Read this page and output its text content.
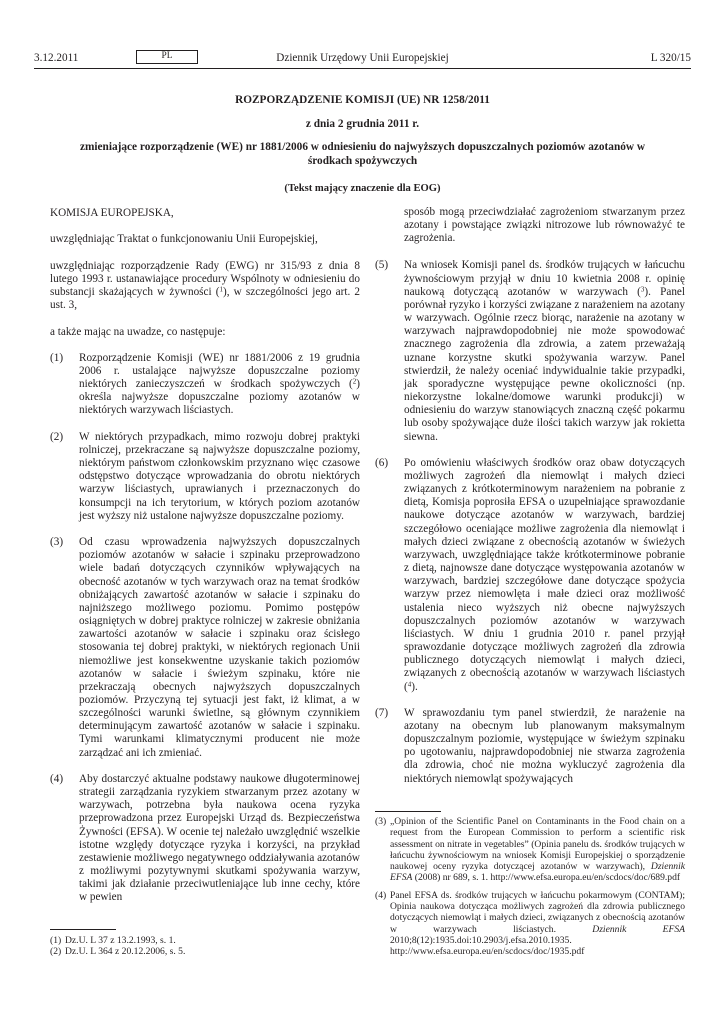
3.12.2011	PL	Dziennik Urzędowy Unii Europejskiej	L 320/15
ROZPORZĄDZENIE KOMISJI (UE) NR 1258/2011
z dnia 2 grudnia 2011 r.
zmieniające rozporządzenie (WE) nr 1881/2006 w odniesieniu do najwyższych dopuszczalnych poziomów azotanów w środkach spożywczych
(Tekst mający znaczenie dla EOG)

KOMISJA EUROPEJSKA,

uwzględniając Traktat o funkcjonowaniu Unii Europejskiej,

uwzględniając rozporządzenie Rady (EWG) nr 315/93 z dnia 8 lutego 1993 r. ustanawiające procedury Wspólnoty w odniesieniu do substancji skażających w żywności ($^1$), w szczególności jego art. 2 ust. 3,

a także mając na uwadze, co następuje:

(1) Rozporządzenie Komisji (WE) nr 1881/2006 z 19 grudnia 2006 r. ustalające najwyższe dopuszczalne poziomy niektórych zanieczyszczeń w środkach spożywczych ($^2$) określa najwyższe dopuszczalne poziomy azotanów w niektórych warzywach liściastych.
(2) W niektórych przypadkach, mimo rozwoju dobrej praktyki rolniczej, przekraczane są najwyższe dopuszczalne poziomy, niektórym państwom członkowskim przyznano więc czasowe odstępstwo dotyczące wprowadzania do obrotu niektórych warzyw liściastych, uprawianych i przeznaczonych do konsumpcji na ich terytorium, w których poziom azotanów jest wyższy niż ustalone najwyższe dopuszczalne poziomy.
(3) Od czasu wprowadzenia najwyższych dopuszczalnych poziomów azotanów w sałacie i szpinaku przeprowadzono wiele badań dotyczących czynników wpływających na obecność azotanów w tych warzywach oraz na temat środków obniżających zawartość azotanów w sałacie i szpinaku do najniższego możliwego poziomu. Pomimo postępów osiągniętych w dobrej praktyce rolniczej w zakresie obniżania zawartości azotanów w sałacie i szpinaku oraz ścisłego stosowania tej dobrej praktyki, w niektórych regionach Unii niemożliwe jest konsekwentne uzyskanie takich poziomów azotanów w sałacie i świeżym szpinaku, które nie przekraczają obecnych najwyższych dopuszczalnych poziomów. Przyczyną tej sytuacji jest fakt, iż klimat, a w szczególności warunki świetlne, są głównym czynnikiem determinującym zawartość azotanów w sałacie i szpinaku. Tymi warunkami klimatycznymi producent nie może zarządzać ani ich zmieniać.
(4) Aby dostarczyć aktualne podstawy naukowe długoterminowej strategii zarządzania ryzykiem stwarzanym przez azotany w warzywach, potrzebna była naukowa ocena ryzyka przeprowadzona przez Europejski Urząd ds. Bezpieczeństwa Żywności (EFSA). W ocenie tej należało uwzględnić wszelkie istotne względy dotyczące ryzyka i korzyści, na przykład zestawienie możliwego negatywnego oddziaływania azotanów z możliwymi pozytywnymi skutkami spożywania warzyw, takimi jak działanie przeciwutleniające lub inne cechy, które w pewien
(1) Dz.U. L 37 z 13.2.1993, s. 1.
(2) Dz.U. L 364 z 20.12.2006, s. 5.
sposób mogą przeciwdziałać zagrożeniom stwarzanym przez azotany i powstające związki nitrozowe lub równoważyć te zagrożenia.
(5) Na wniosek Komisji panel ds. środków trujących w łańcuchu żywnościowym przyjął w dniu 10 kwietnia 2008 r. opinię naukową dotyczącą azotanów w warzywach ($^3$). Panel porównał ryzyko i korzyści związane z narażeniem na azotany w warzywach. Ogólnie rzecz biorąc, narażenie na azotany w warzywach najprawdopodobniej nie może spowodować znacznego zagrożenia dla zdrowia, a zatem przeważają uznane korzystne skutki spożywania warzyw. Panel stwierdził, że należy oceniać indywidualnie takie przypadki, jak sporadyczne występujące pewne okoliczności (np. niekorzystne lokalne/domowe warunki produkcji) w odniesieniu do warzyw stanowiących znaczną część pokarmu lub osoby spożywające duże ilości takich warzyw jak rokietta siewna.
(6) Po omówieniu właściwych środków oraz obaw dotyczących możliwych zagrożeń dla niemowląt i małych dzieci związanych z krótkoterminowym narażeniem na pobranie z dietą, Komisja poprosiła EFSA o uzupełniające sprawozdanie naukowe dotyczące azotanów w warzywach, bardziej szczegółowo oceniające możliwe zagrożenia dla niemowląt i małych dzieci związane z obecnością azotanów w świeżych warzywach, uwzględniające także krótkoterminowe pobranie z dietą, najnowsze dane dotyczące występowania azotanów w warzywach, bardziej szczegółowe dane dotyczące spożycia warzyw przez niemowlęta i małe dzieci oraz możliwość ustalenia nieco wyższych niż obecne najwyższych dopuszczalnych poziomów azotanów w warzywach liściastych. W dniu 1 grudnia 2010 r. panel przyjął sprawozdanie dotyczące możliwych zagrożeń dla zdrowia publicznego dotyczących niemowląt i małych dzieci, związanych z obecnością azotanów w warzywach liściastych ($^4$).
(7) W sprawozdaniu tym panel stwierdził, że narażenie na azotany na obecnym lub planowanym maksymalnym dopuszczalnym poziomie, występujące w świeżym szpinaku po ugotowaniu, najprawdopodobniej nie stwarza zagrożenia dla zdrowia, choć nie można wykluczyć zagrożenia dla niektórych niemowląt spożywających
(3) „Opinion of the Scientific Panel on Contaminants in the Food chain on a request from the European Commission to perform a scientific risk assessment on nitrate in vegetables” (Opinia panelu ds. środków trujących w łańcuchu żywnościowym na wniosek Komisji Europejskiej o sporządzenie naukowej oceny ryzyka dotyczącej azotanów w warzywach), Dziennik EFSA (2008) nr 689, s. 1. http://www.efsa.europa.eu/en/scdocs/doc/689.pdf
(4) Panel EFSA ds. środków trujących w łańcuchu pokarmowym (CONTAM); Opinia naukowa dotycząca możliwych zagrożeń dla zdrowia publicznego dotyczących niemowląt i małych dzieci, związanych z obecnością azotanów w warzywach liściastych. Dziennik EFSA 2010;8(12):1935.doi:10.2903/j.efsa.2010.1935. http://www.efsa.europa.eu/en/scdocs/doc/1935.pdf
